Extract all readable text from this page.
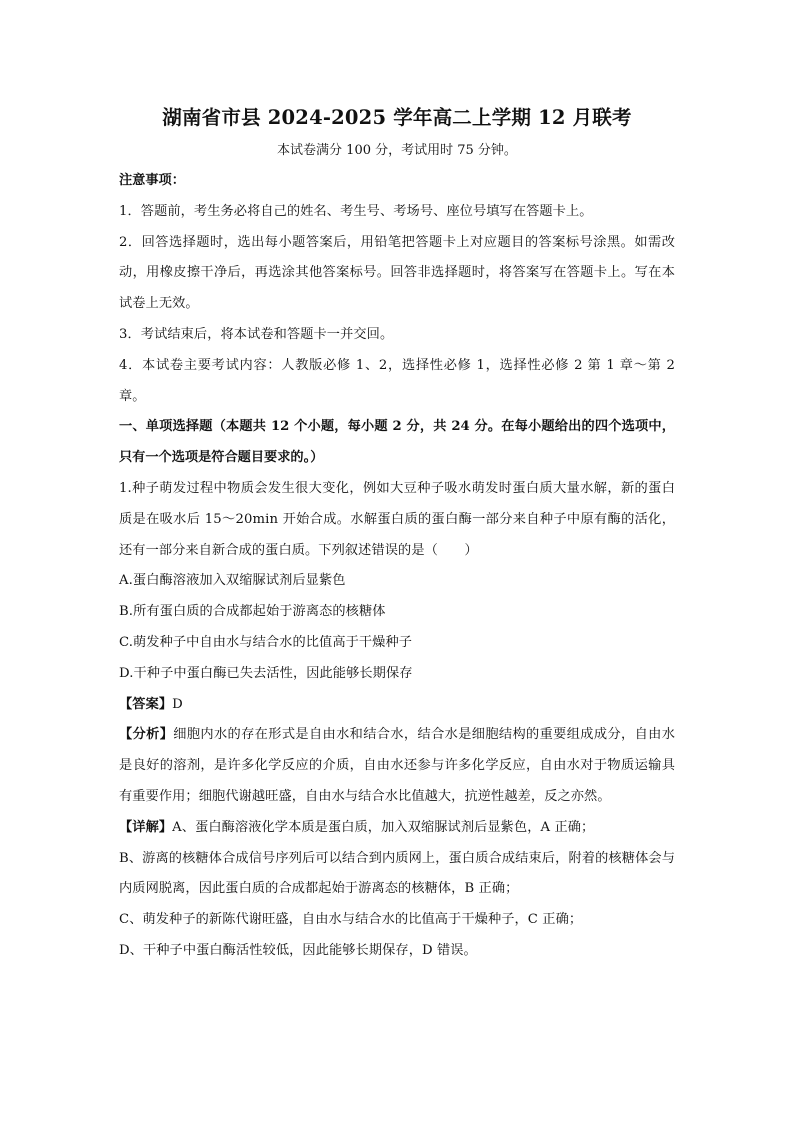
湖南省市县 2024-2025 学年高二上学期 12 月联考

本试卷满分 100 分，考试用时 75 分钟。

注意事项：

1．答题前，考生务必将自己的姓名、考生号、考场号、座位号填写在答题卡上。

2．回答选择题时，选出每小题答案后，用铅笔把答题卡上对应题目的答案标号涂黑。如需改动，用橡皮擦干净后，再选涂其他答案标号。回答非选择题时，将答案写在答题卡上。写在本试卷上无效。

3．考试结束后，将本试卷和答题卡一并交回。

4．本试卷主要考试内容：人教版必修 1、2，选择性必修 1，选择性必修 2 第 1 章～第 2 章。

一、单项选择题（本题共 12 个小题，每小题 2 分，共 24 分。在每小题给出的四个选项中，只有一个选项是符合题目要求的。）

1.种子萌发过程中物质会发生很大变化，例如大豆种子吸水萌发时蛋白质大量水解，新的蛋白质是在吸水后 15～20min 开始合成。水解蛋白质的蛋白酶一部分来自种子中原有酶的活化，还有一部分来自新合成的蛋白质。下列叙述错误的是（　　）

A.蛋白酶溶液加入双缩脲试剂后显紫色

B.所有蛋白质的合成都起始于游离态的核糖体

C.萌发种子中自由水与结合水的比值高于干燥种子

D.干种子中蛋白酶已失去活性，因此能够长期保存

【答案】D

【分析】细胞内水的存在形式是自由水和结合水，结合水是细胞结构的重要组成成分，自由水是良好的溶剂，是许多化学反应的介质，自由水还参与许多化学反应，自由水对于物质运输具有重要作用；细胞代谢越旺盛，自由水与结合水比值越大，抗逆性越差，反之亦然。

【详解】A、蛋白酶溶液化学本质是蛋白质，加入双缩脲试剂后显紫色，A 正确；

B、游离的核糖体合成信号序列后可以结合到内质网上，蛋白质合成结束后，附着的核糖体会与内质网脱离，因此蛋白质的合成都起始于游离态的核糖体，B 正确；

C、萌发种子的新陈代谢旺盛，自由水与结合水的比值高于干燥种子，C 正确；

D、干种子中蛋白酶活性较低，因此能够长期保存，D 错误。
